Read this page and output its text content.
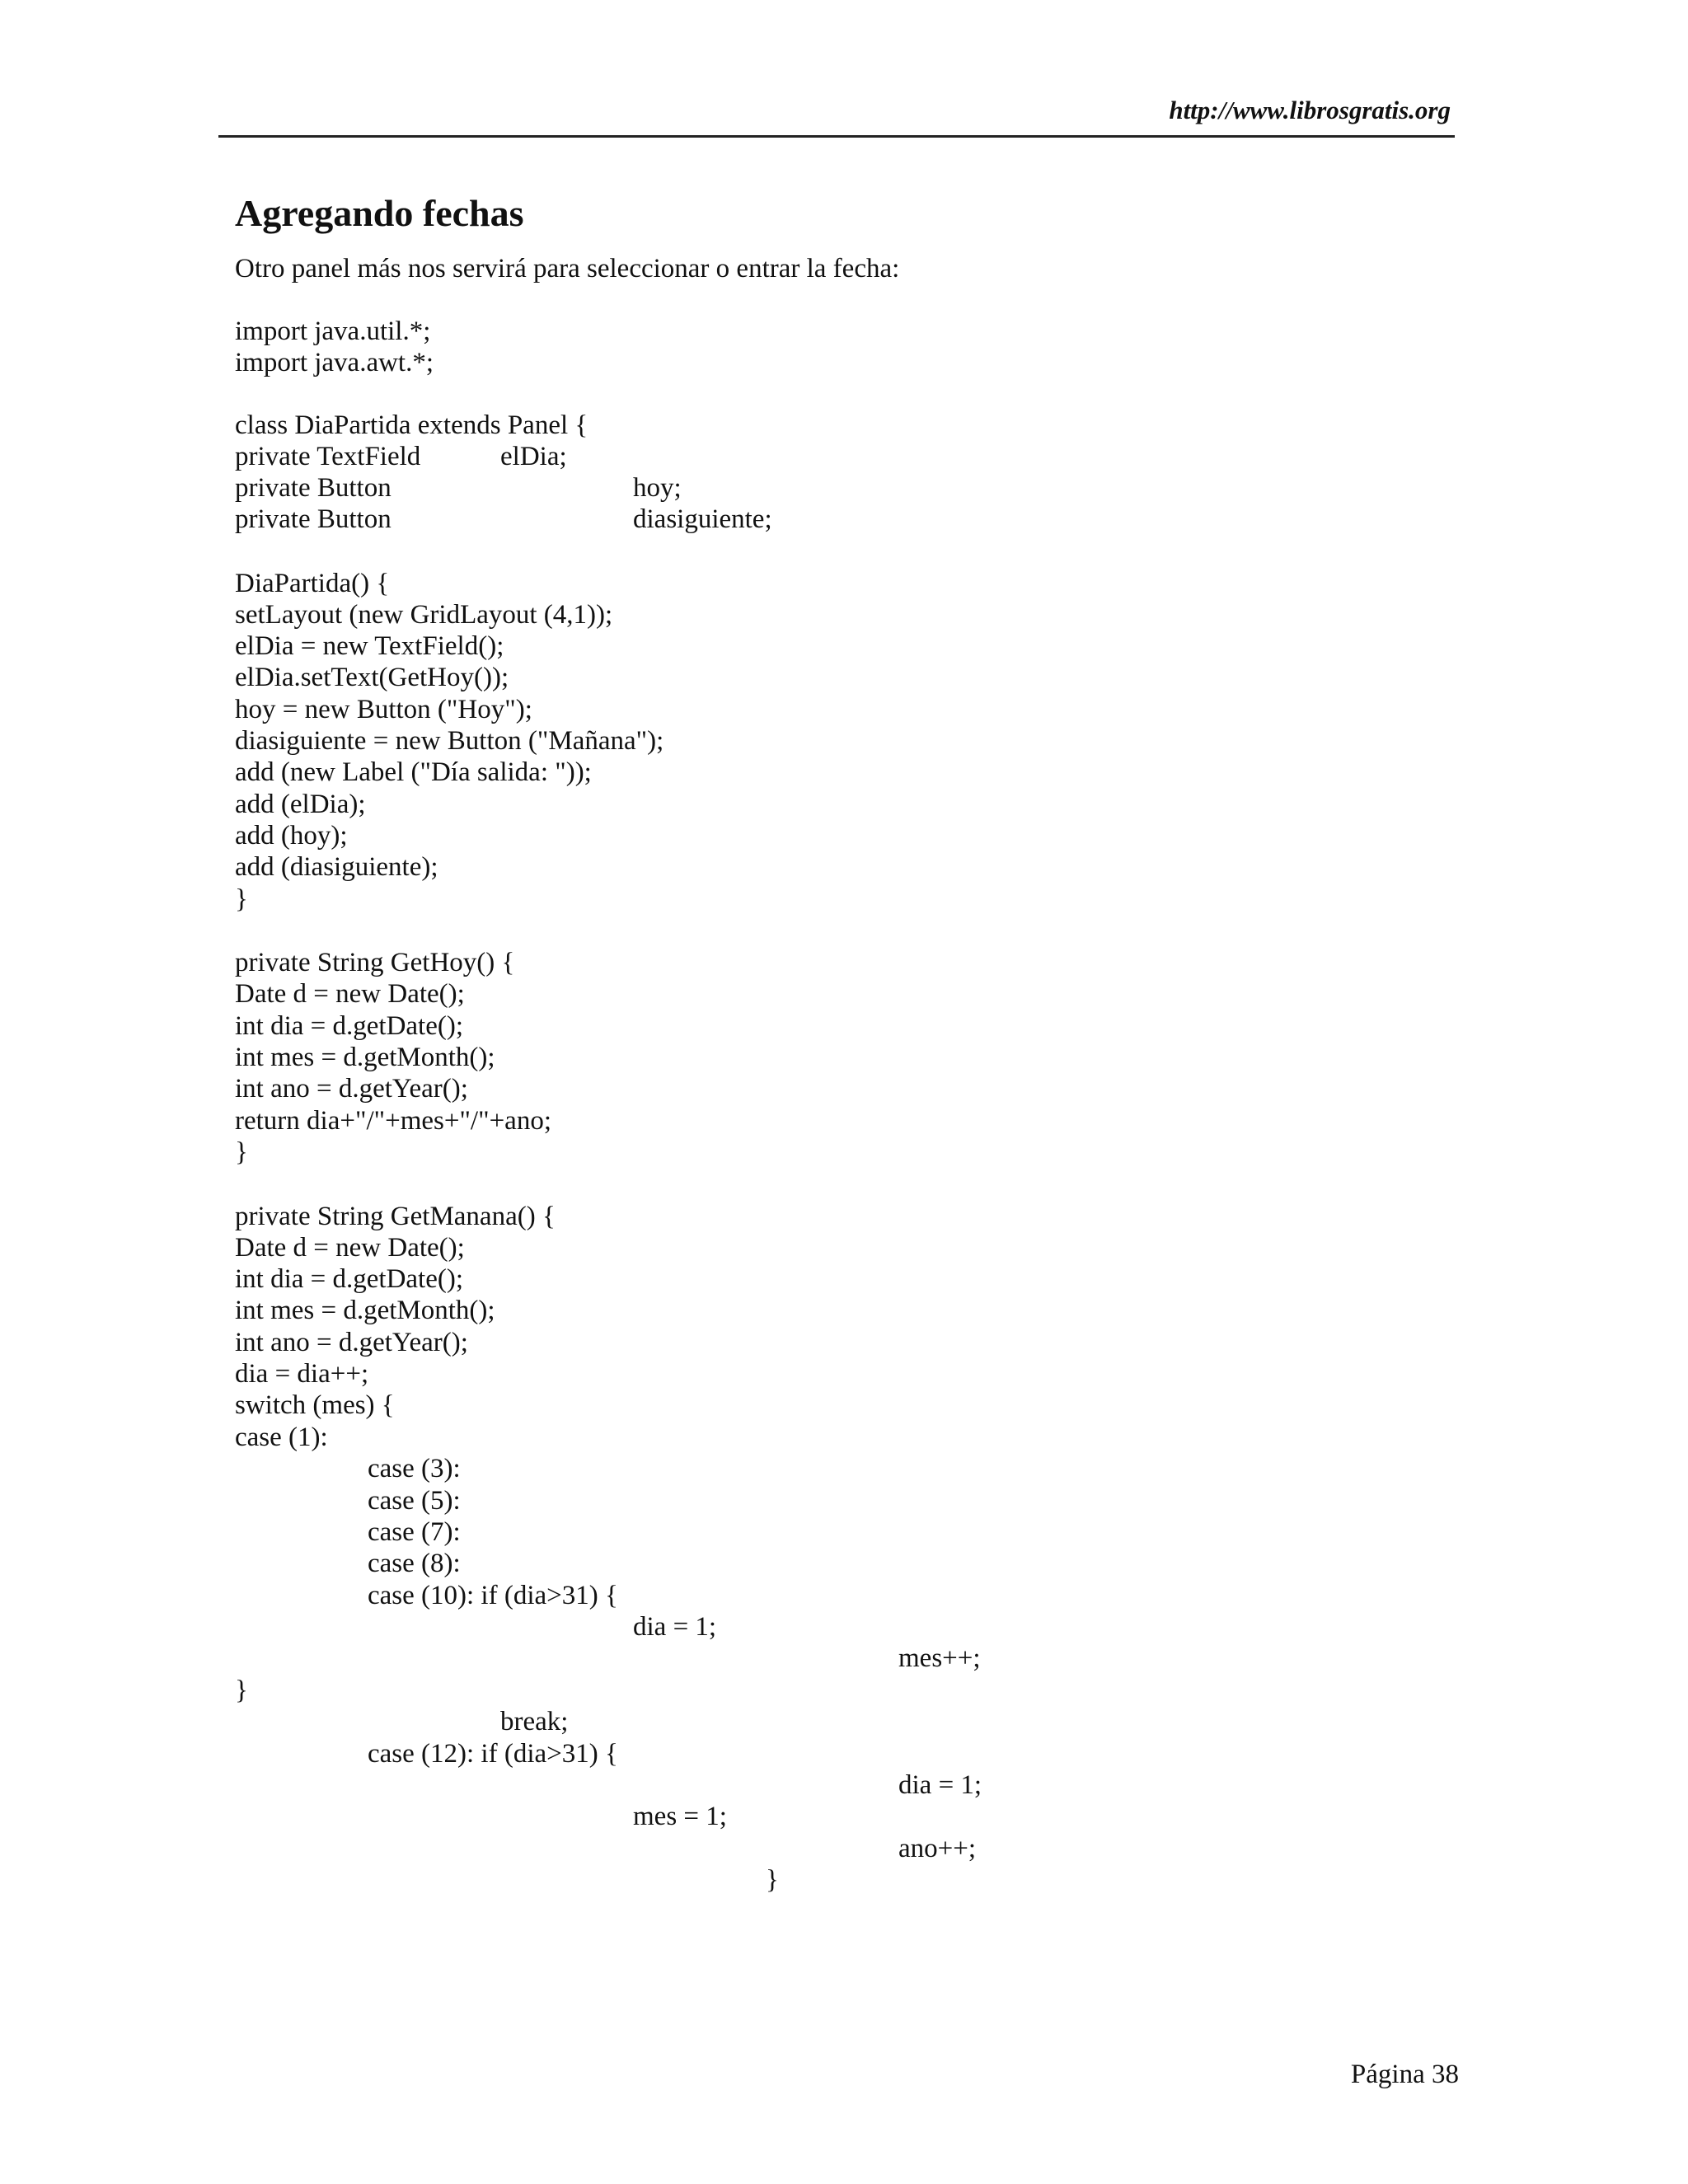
http://www.librosgratis.org
Agregando fechas
Otro panel más nos servirá para seleccionar o entrar la fecha:
import java.util.*;
import java.awt.*;
class DiaPartida extends Panel {
private TextField	elDia;
private Button	hoy;
private Button	diasiguiente;
DiaPartida() {
setLayout (new GridLayout (4,1));
elDia = new TextField();
elDia.setText(GetHoy());
hoy = new Button ("Hoy");
diasiguiente = new Button ("Mañana");
add (new Label ("Día salida: "));
add (elDia);
add (hoy);
add (diasiguiente);
}
private String GetHoy() {
Date d = new Date();
int dia = d.getDate();
int mes = d.getMonth();
int ano = d.getYear();
return dia+"/"+mes+"/"+ano;
}
private String GetManana() {
Date d = new Date();
int dia = d.getDate();
int mes = d.getMonth();
int ano = d.getYear();
dia = dia++;
switch (mes) {
case (1):
case (3):
case (5):
case (7):
case (8):
case (10): if (dia>31) {
dia = 1;
mes++;
}
break;
case (12): if (dia>31) {
dia = 1;
mes = 1;
ano++;
}
Página 38
